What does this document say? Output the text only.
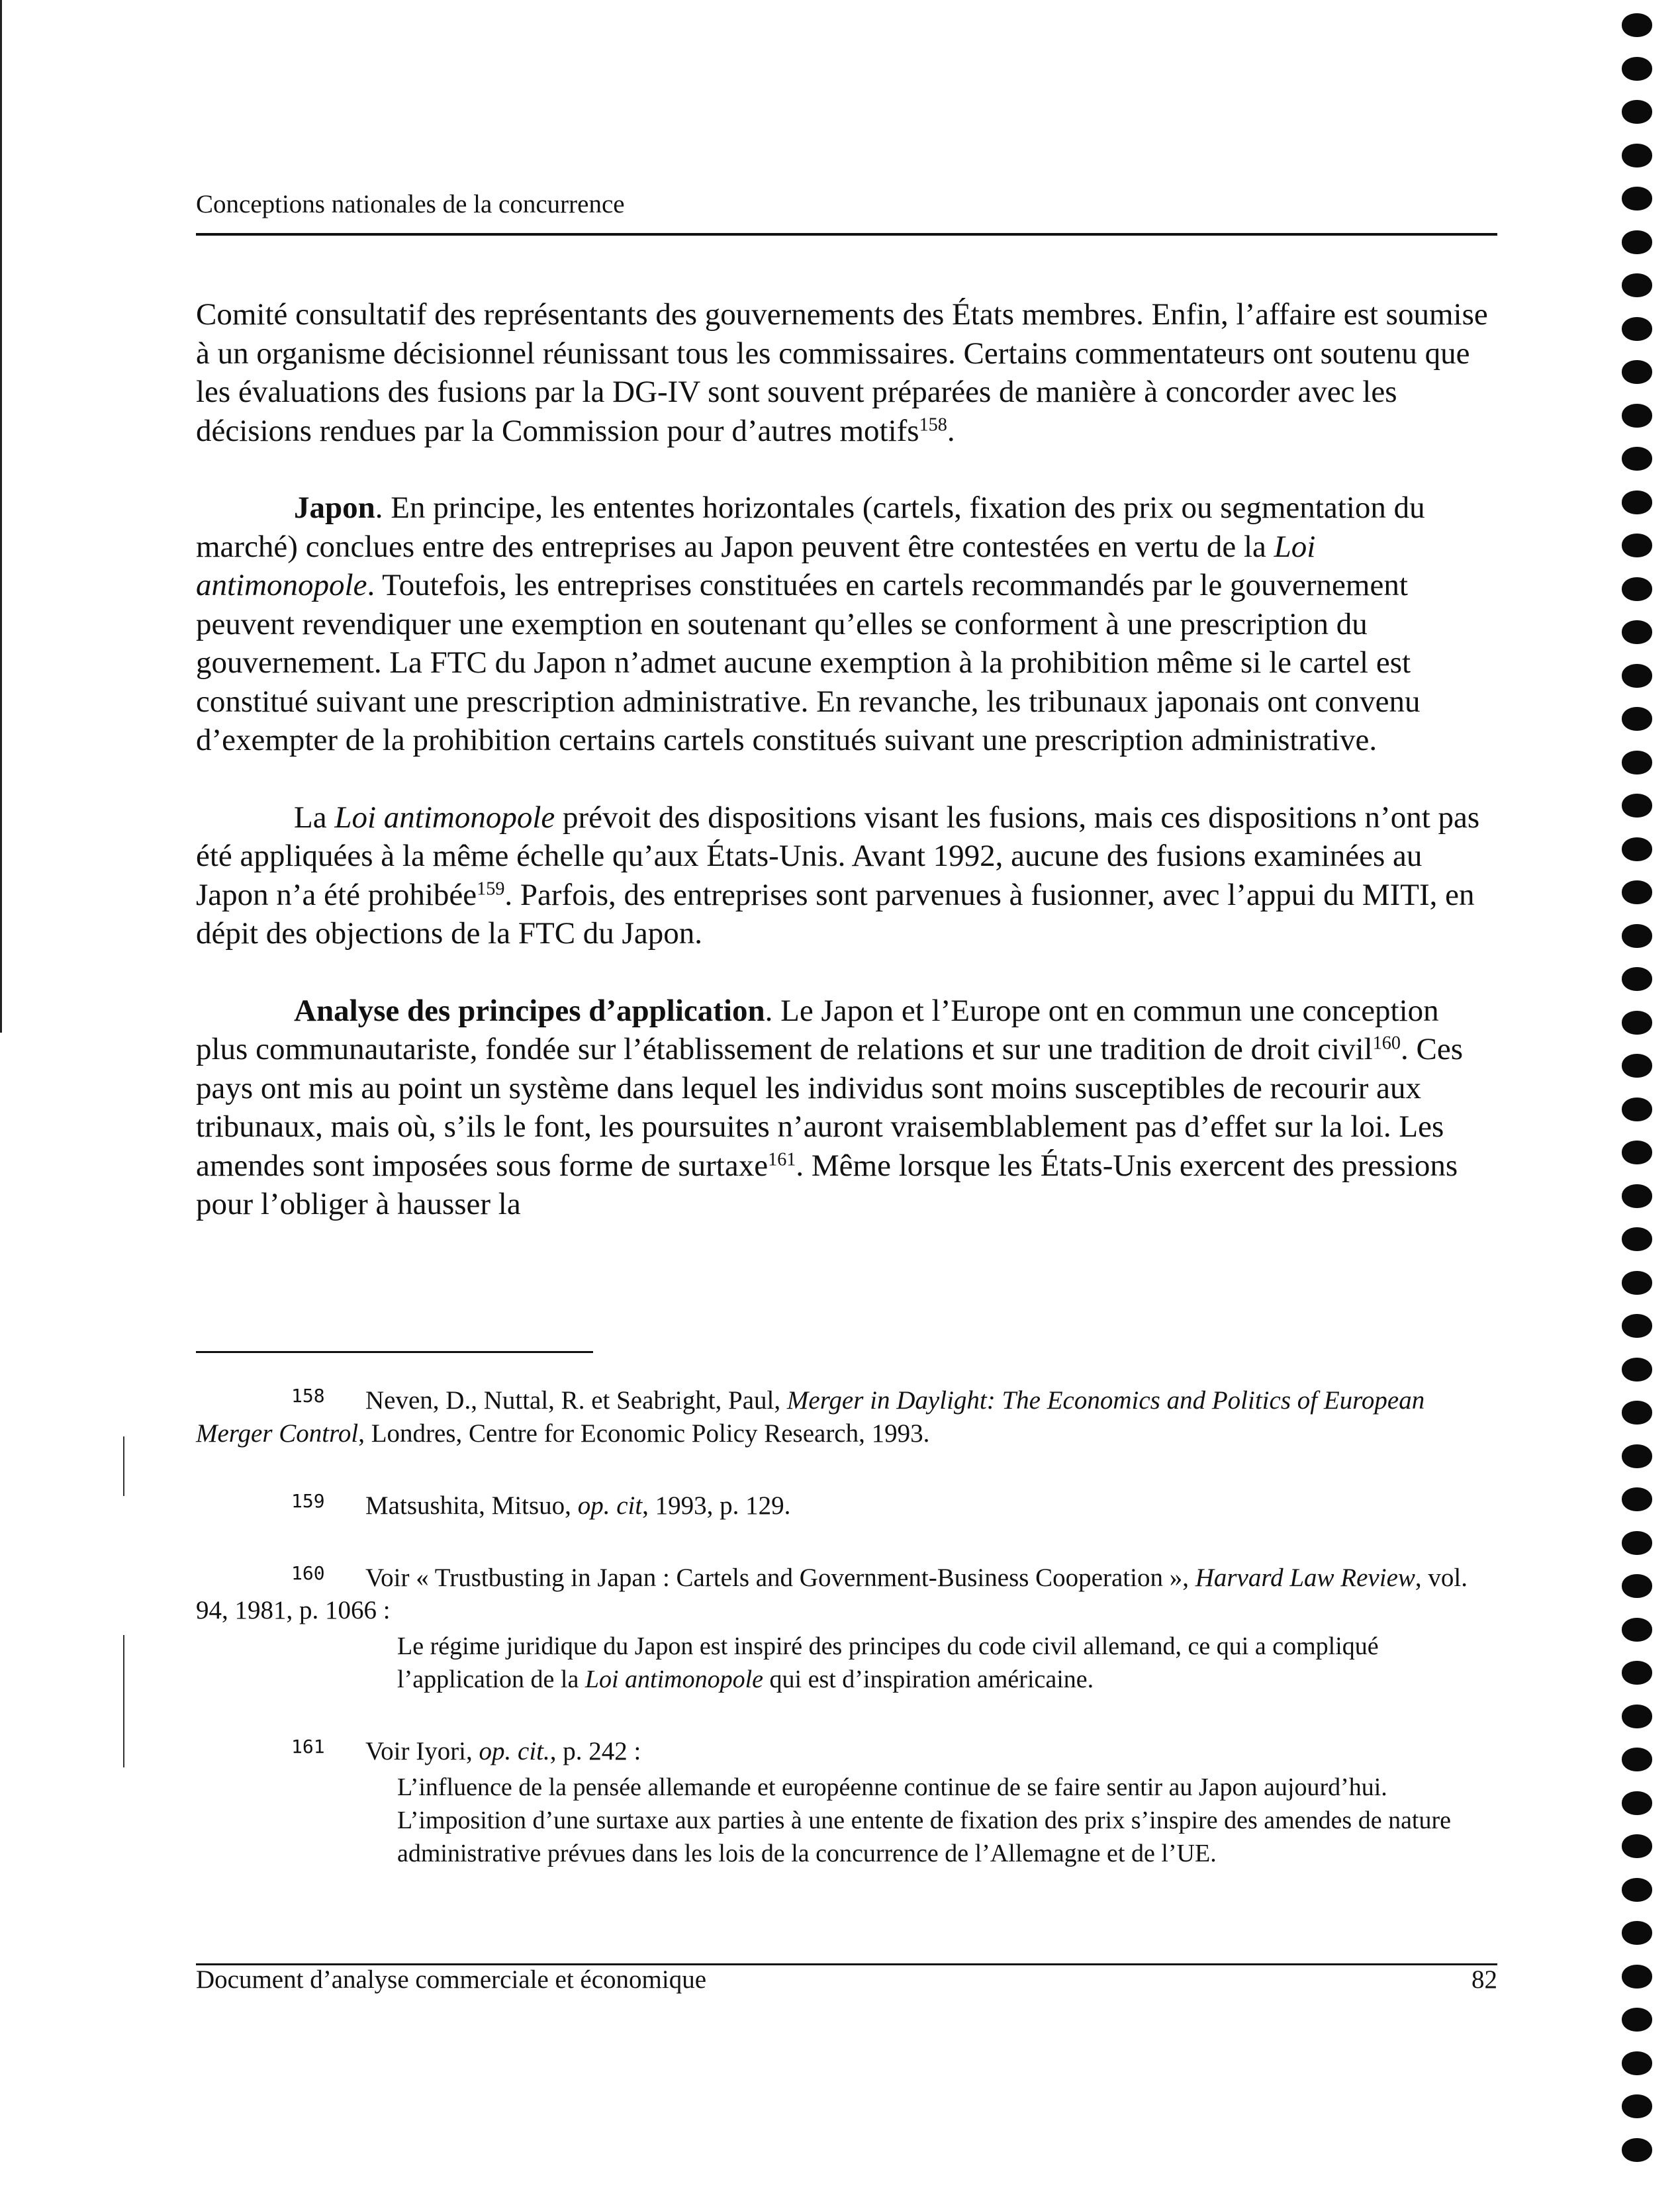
Conceptions nationales de la concurrence

Comité consultatif des représentants des gouvernements des États membres. Enfin, l’affaire est soumise à un organisme décisionnel réunissant tous les commissaires. Certains commentateurs ont soutenu que les évaluations des fusions par la DG-IV sont souvent préparées de manière à concorder avec les décisions rendues par la Commission pour d’autres motifs$^{158}$.

Japon. En principe, les ententes horizontales (cartels, fixation des prix ou segmentation du marché) conclues entre des entreprises au Japon peuvent être contestées en vertu de la Loi antimonopole. Toutefois, les entreprises constituées en cartels recommandés par le gouvernement peuvent revendiquer une exemption en soutenant qu’elles se conforment à une prescription du gouvernement. La FTC du Japon n’admet aucune exemption à la prohibition même si le cartel est constitué suivant une prescription administrative. En revanche, les tribunaux japonais ont convenu d’exempter de la prohibition certains cartels constitués suivant une prescription administrative.

La Loi antimonopole prévoit des dispositions visant les fusions, mais ces dispositions n’ont pas été appliquées à la même échelle qu’aux États-Unis. Avant 1992, aucune des fusions examinées au Japon n’a été prohibée$^{159}$. Parfois, des entreprises sont parvenues à fusionner, avec l’appui du MITI, en dépit des objections de la FTC du Japon.

Analyse des principes d’application. Le Japon et l’Europe ont en commun une conception plus communautariste, fondée sur l’établissement de relations et sur une tradition de droit civil$^{160}$. Ces pays ont mis au point un système dans lequel les individus sont moins susceptibles de recourir aux tribunaux, mais où, s’ils le font, les poursuites n’auront vraisemblablement pas d’effet sur la loi. Les amendes sont imposées sous forme de surtaxe$^{161}$. Même lorsque les États-Unis exercent des pressions pour l’obliger à hausser la

158 Neven, D., Nuttal, R. et Seabright, Paul, Merger in Daylight: The Economics and Politics of European Merger Control, Londres, Centre for Economic Policy Research, 1993.
159 Matsushita, Mitsuo, op. cit, 1993, p. 129.
160 Voir « Trustbusting in Japan : Cartels and Government-Business Cooperation », Harvard Law Review, vol. 94, 1981, p. 1066 :
Le régime juridique du Japon est inspiré des principes du code civil allemand, ce qui a compliqué l’application de la Loi antimonopole qui est d’inspiration américaine.
161 Voir Iyori, op. cit., p. 242 :
L’influence de la pensée allemande et européenne continue de se faire sentir au Japon aujourd’hui. L’imposition d’une surtaxe aux parties à une entente de fixation des prix s’inspire des amendes de nature administrative prévues dans les lois de la concurrence de l’Allemagne et de l’UE.
Document d’analyse commerciale et économique	82
